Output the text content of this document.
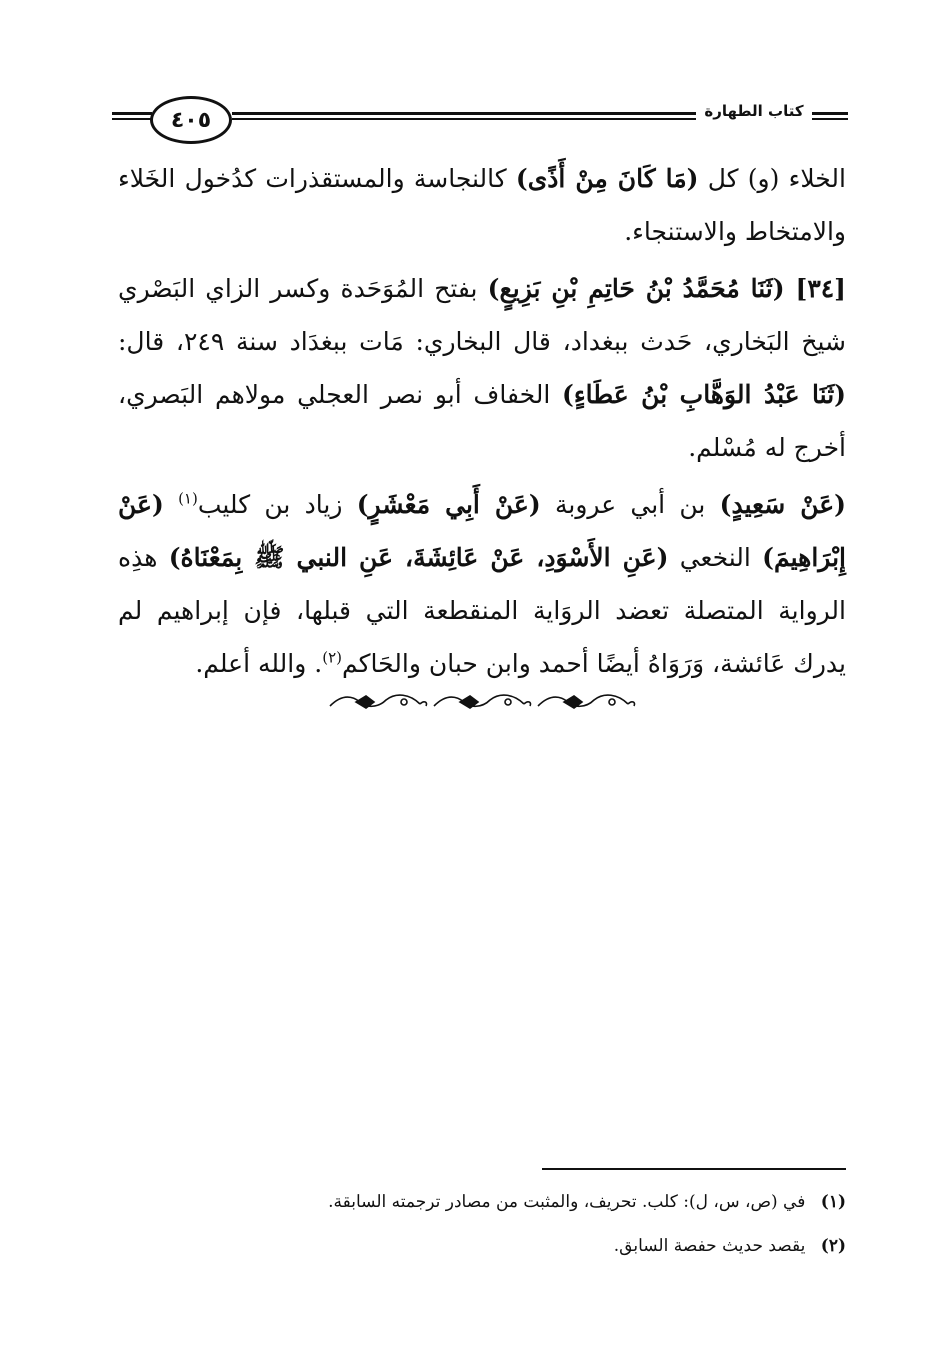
٤٠٥	كتاب الطهارة

الخلاء (و) كل (مَا كَانَ مِنْ أَذًى) كالنجاسة والمستقذرات كدُخول الخَلاء والامتخاط والاستنجاء.

[٣٤] (ثَنَا مُحَمَّدُ بْنُ حَاتِمِ بْنِ بَزِيعٍ) بفتح المُوَحَدة وكسر الزاي البَصْري شيخ البَخاري، حَدث ببغداد، قال البخاري: مَات ببغدَاد سنة ٢٤٩، قال: (ثَنَا عَبْدُ الوَهَّابِ بْنُ عَطَاءٍ) الخفاف أبو نصر العجلي مولاهم البَصري، أخرج له مُسْلم.

(عَنْ سَعِيدٍ) بن أبي عروبة (عَنْ أَبِي مَعْشَرٍ) زياد بن كليب$^{(١)}$ (عَنْ إِبْرَاهِيمَ) النخعي (عَنِ الأَسْوَدِ، عَنْ عَائِشَةَ، عَنِ النبي ﷺ بِمَعْنَاهُ) هذِه الرواية المتصلة تعضد الروَاية المنقطعة التي قبلها، فإن إبراهيم لم يدرك عَائشة، وَرَوَاهُ أيضًا أحمد وابن حبان والحَاكم$^{(٢)}$. والله أعلم.

(١) في (ص، س، ل): كلب. تحريف، والمثبت من مصادر ترجمته السابقة.
(٢) يقصد حديث حفصة السابق.
